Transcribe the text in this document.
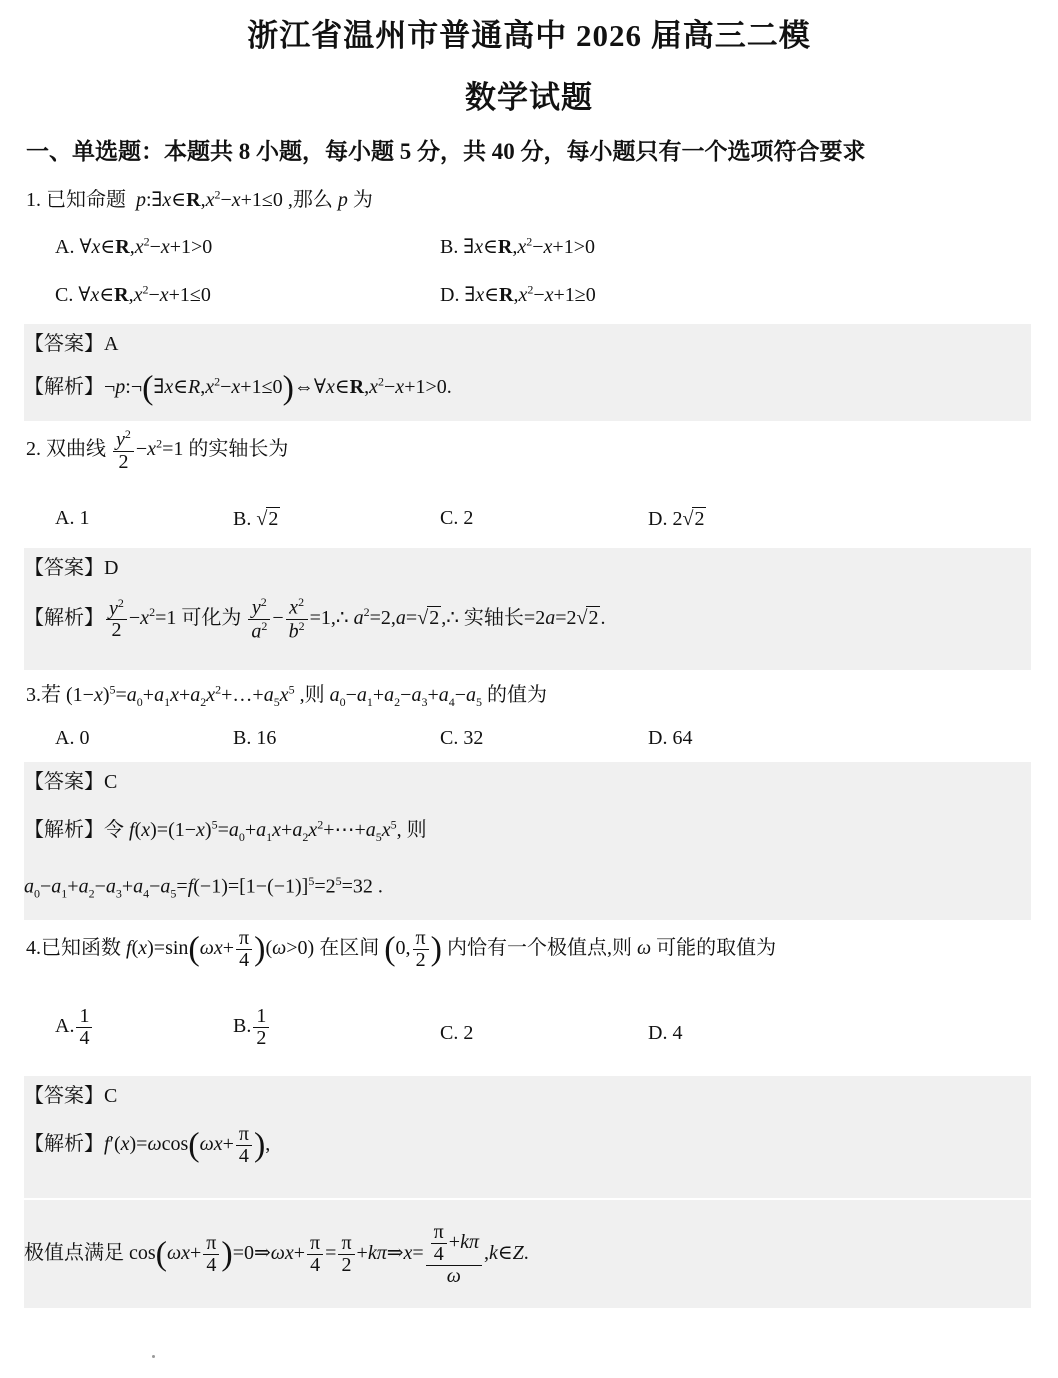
浙江省温州市普通高中 2026 届高三二模
数学试题
一、单选题：本题共 8 小题，每小题 5 分，共 40 分，每小题只有一个选项符合要求
1. 已知命题  $p:\exists x\in R,x^2-x+1\le 0$ ,那么 p 为
A. $\forall x\in R,x^2-x+1>0$	B. $\exists x\in R,x^2-x+1>0$
C. $\forall x\in R,x^2-x+1\le 0$	D. $\exists x\in R,x^2-x+1\ge 0$
【答案】A
【解析】$\neg p:\neg(\exists x\in R,x^2-x+1\le 0)\Leftrightarrow\forall x\in R,x^2-x+1>0$.
2. 双曲线 $\frac{y^2}{2} -x^2=1$ 的实轴长为
A. 1	B. √2	C. 2	D. 2√2
【答案】D
【解析】 $\frac{y^2}{2} -x^2=1$ 可化为 $\frac{y^2}{a^2} - \frac{x^2}{b^2}$ =1,∴ $a^2=2,a=√2$ ,∴ 实轴长=2a=2√2 .
3.若 $(1-x)^5=a_0+a_1x+a_2x^2+\dots+a_5x^5$ ,则 $a_0-a_1+a_2-a_3+a_4-a_5$ 的值为
A. 0	B. 16	C. 32	D. 64
【答案】C
【解析】令 $f(x)=(1-x)^5=a_0+a_1x+a_2x^2+\cdots+a_5x^5$, 则
$a_0-a_1+a_2-a_3+a_4-a_5=f(-1)=[1-(-1)]^5=2^5=32$ .
4.已知函数 $f(x)=\sin(\omega x+ \frac{\pi}{4} )(\omega>0)$ 在区间 (0, $\frac{\pi}{2}$ ) 内恰有一个极值点,则 ω 可能的取值为
A. $\frac{1}{4}$	B. $\frac{1}{2}$	C. 2	D. 4
【答案】C
【解析】$f'(x)=\omega\cos(\omega x+ \frac{\pi}{4}$ ),
极值点满足 $\cos(\omega x+ \frac{\pi}{4}$ )=0⇒ωx+ $\frac{\pi}{4} = \frac{\pi}{2}$ +kπ⇒x= $\frac{\frac{\pi}{4} +k\pi}{\omega}$ ,k∈Z.
